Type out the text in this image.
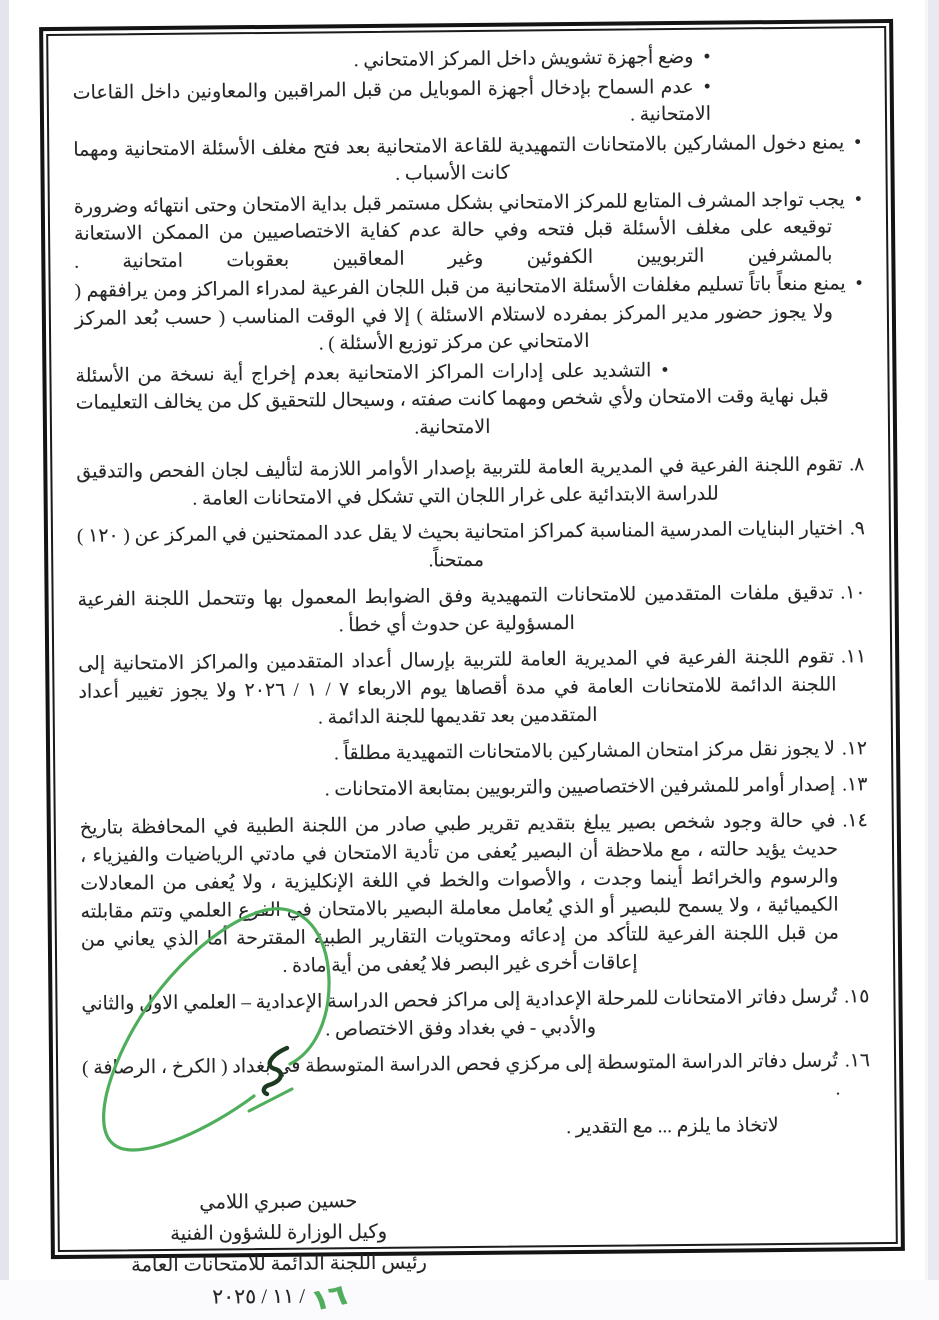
•وضع أجهزة تشويش داخل المركز الامتحاني .
•عدم السماح بإدخال أجهزة الموبايل من قبل المراقبين والمعاونين داخل القاعات الامتحانية .
•يمنع دخول المشاركين بالامتحانات التمهيدية للقاعة الامتحانية بعد فتح مغلف الأسئلة الامتحانية ومهما كانت الأسباب .
•يجب تواجد المشرف المتابع للمركز الامتحاني بشكل مستمر قبل بداية الامتحان وحتى انتهائه وضرورة توقيعه على مغلف الأسئلة قبل فتحه وفي حالة عدم كفاية الاختصاصيين من الممكن الاستعانة بالمشرفين التربويين الكفوئين وغير المعاقبين بعقوبات امتحانية .
•يمنع منعاً باتاً تسليم مغلفات الأسئلة الامتحانية من قبل اللجان الفرعية لمدراء المراكز ومن يرافقهم ( ولا يجوز حضور مدير المركز بمفرده لاستلام الاسئلة ) إلا في الوقت المناسب ( حسب بُعد المركز الامتحاني عن مركز توزيع الأسئلة ) .
•التشديد على إدارات المراكز الامتحانية بعدم إخراج أية نسخة من الأسئلة قبل نهاية وقت الامتحان ولأي شخص ومهما كانت صفته ، وسيحال للتحقيق كل من يخالف التعليمات الامتحانية.
٨.تقوم اللجنة الفرعية في المديرية العامة للتربية بإصدار الأوامر اللازمة لتأليف لجان الفحص والتدقيق للدراسة الابتدائية على غرار اللجان التي تشكل في الامتحانات العامة .
٩.اختيار البنايات المدرسية المناسبة كمراكز امتحانية بحيث لا يقل عدد الممتحنين في المركز عن ( ١٢٠ ) ممتحناً.
١٠.تدقيق ملفات المتقدمين للامتحانات التمهيدية وفق الضوابط المعمول بها وتتحمل اللجنة الفرعية المسؤولية عن حدوث أي خطأ .
١١.تقوم اللجنة الفرعية في المديرية العامة للتربية بإرسال أعداد المتقدمين والمراكز الامتحانية إلى اللجنة الدائمة للامتحانات العامة في مدة أقصاها يوم الاربعاء ٧ / ١ / ٢٠٢٦ ولا يجوز تغيير أعداد المتقدمين بعد تقديمها للجنة الدائمة .
١٢.لا يجوز نقل مركز امتحان المشاركين بالامتحانات التمهيدية مطلقاً .
١٣.إصدار أوامر للمشرفين الاختصاصيين والتربويين بمتابعة الامتحانات .
١٤.في حالة وجود شخص بصير يبلغ بتقديم تقرير طبي صادر من اللجنة الطبية في المحافظة بتاريخ حديث يؤيد حالته ، مع ملاحظة أن البصير يُعفى من تأدية الامتحان في مادتي الرياضيات والفيزياء ، والرسوم والخرائط أينما وجدت ، والأصوات والخط في اللغة الإنكليزية ، ولا يُعفى من المعادلات الكيميائية ، ولا يسمح للبصير أو الذي يُعامل معاملة البصير بالامتحان في الفرع العلمي وتتم مقابلته من قبل اللجنة الفرعية للتأكد من إدعائه ومحتويات التقارير الطبية المقترحة أما الذي يعاني من إعاقات أخرى غير البصر فلا يُعفى من أية مادة .
١٥.تُرسل دفاتر الامتحانات للمرحلة الإعدادية إلى مراكز فحص الدراسة الإعدادية – العلمي الاول والثاني والأدبي - في بغداد وفق الاختصاص .
١٦.تُرسل دفاتر الدراسة المتوسطة إلى مركزي فحص الدراسة المتوسطة في بغداد ( الكرخ ، الرصافة ) .
لاتخاذ ما يلزم ... مع التقدير .
حسين صبري اللامي
وكيل الوزارة للشؤون الفنية
رئيس اللجنة الدائمة للامتحانات العامة
١٦/ ١١ / ٢٠٢٥
